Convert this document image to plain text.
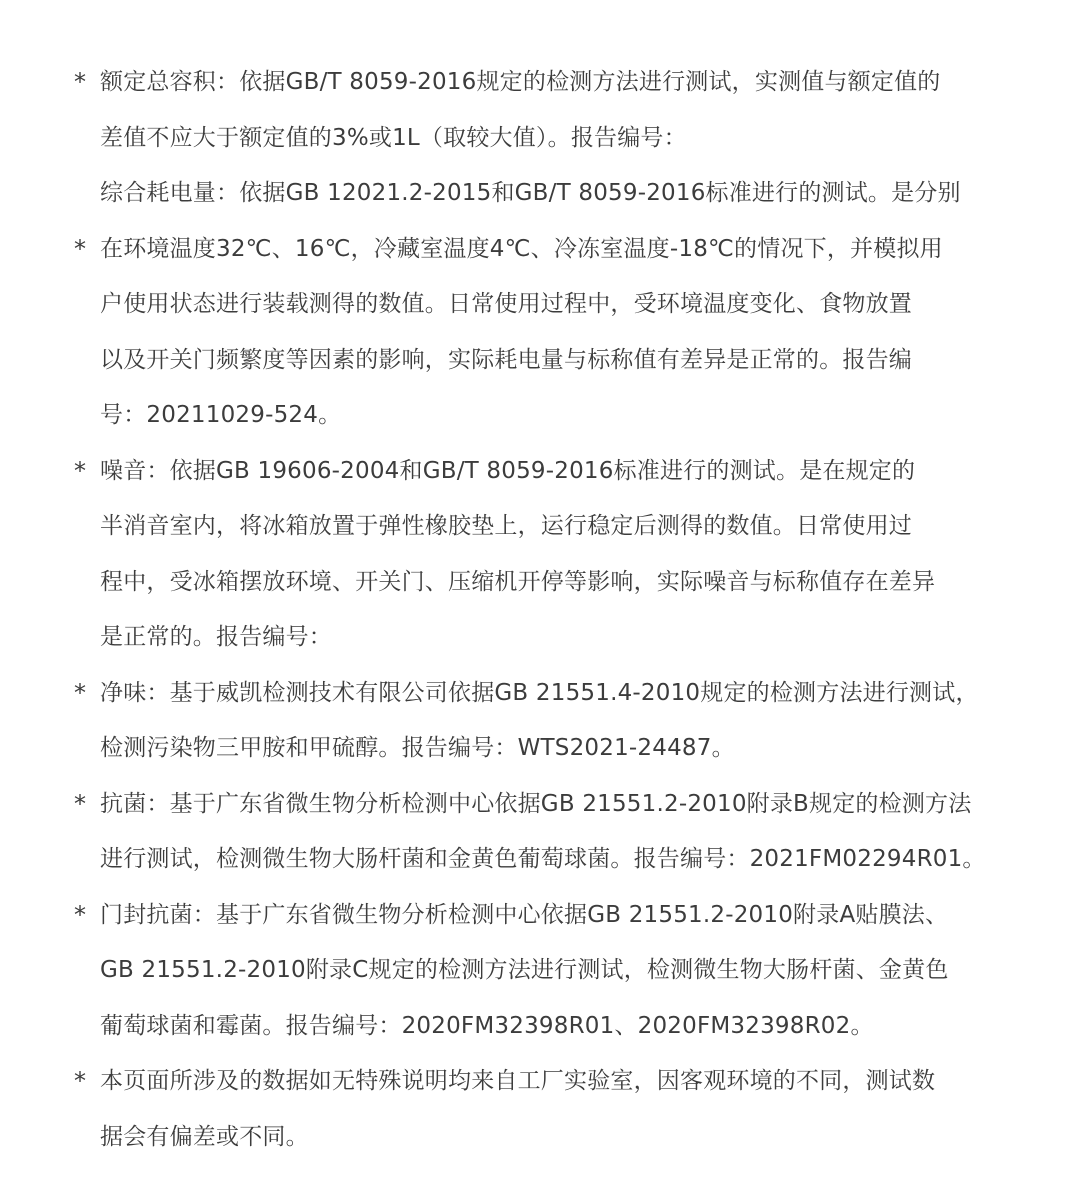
* 额定总容积：依据GB/T 8059-2016规定的检测方法进行测试，实测值与额定值的
差值不应大于额定值的3%或1L（取较大值）。报告编号：
综合耗电量：依据GB 12021.2-2015和GB/T 8059-2016标准进行的测试。是分别
* 在环境温度32℃、16℃，冷藏室温度4℃、冷冻室温度-18℃的情况下，并模拟用
户使用状态进行装载测得的数值。日常使用过程中，受环境温度变化、食物放置
以及开关门频繁度等因素的影响，实际耗电量与标称值有差异是正常的。报告编
号：20211029-524。
* 噪音：依据GB 19606-2004和GB/T 8059-2016标准进行的测试。是在规定的
半消音室内，将冰箱放置于弹性橡胶垫上，运行稳定后测得的数值。日常使用过
程中，受冰箱摆放环境、开关门、压缩机开停等影响，实际噪音与标称值存在差异
是正常的。报告编号：
* 净味：基于威凯检测技术有限公司依据GB 21551.4-2010规定的检测方法进行测试，
检测污染物三甲胺和甲硫醇。报告编号：WTS2021-24487。
* 抗菌：基于广东省微生物分析检测中心依据GB 21551.2-2010附录B规定的检测方法
进行测试，检测微生物大肠杆菌和金黄色葡萄球菌。报告编号：2021FM02294R01。
* 门封抗菌：基于广东省微生物分析检测中心依据GB 21551.2-2010附录A贴膜法、
GB 21551.2-2010附录C规定的检测方法进行测试，检测微生物大肠杆菌、金黄色
葡萄球菌和霉菌。报告编号：2020FM32398R01、2020FM32398R02。
* 本页面所涉及的数据如无特殊说明均来自工厂实验室，因客观环境的不同，测试数
据会有偏差或不同。
